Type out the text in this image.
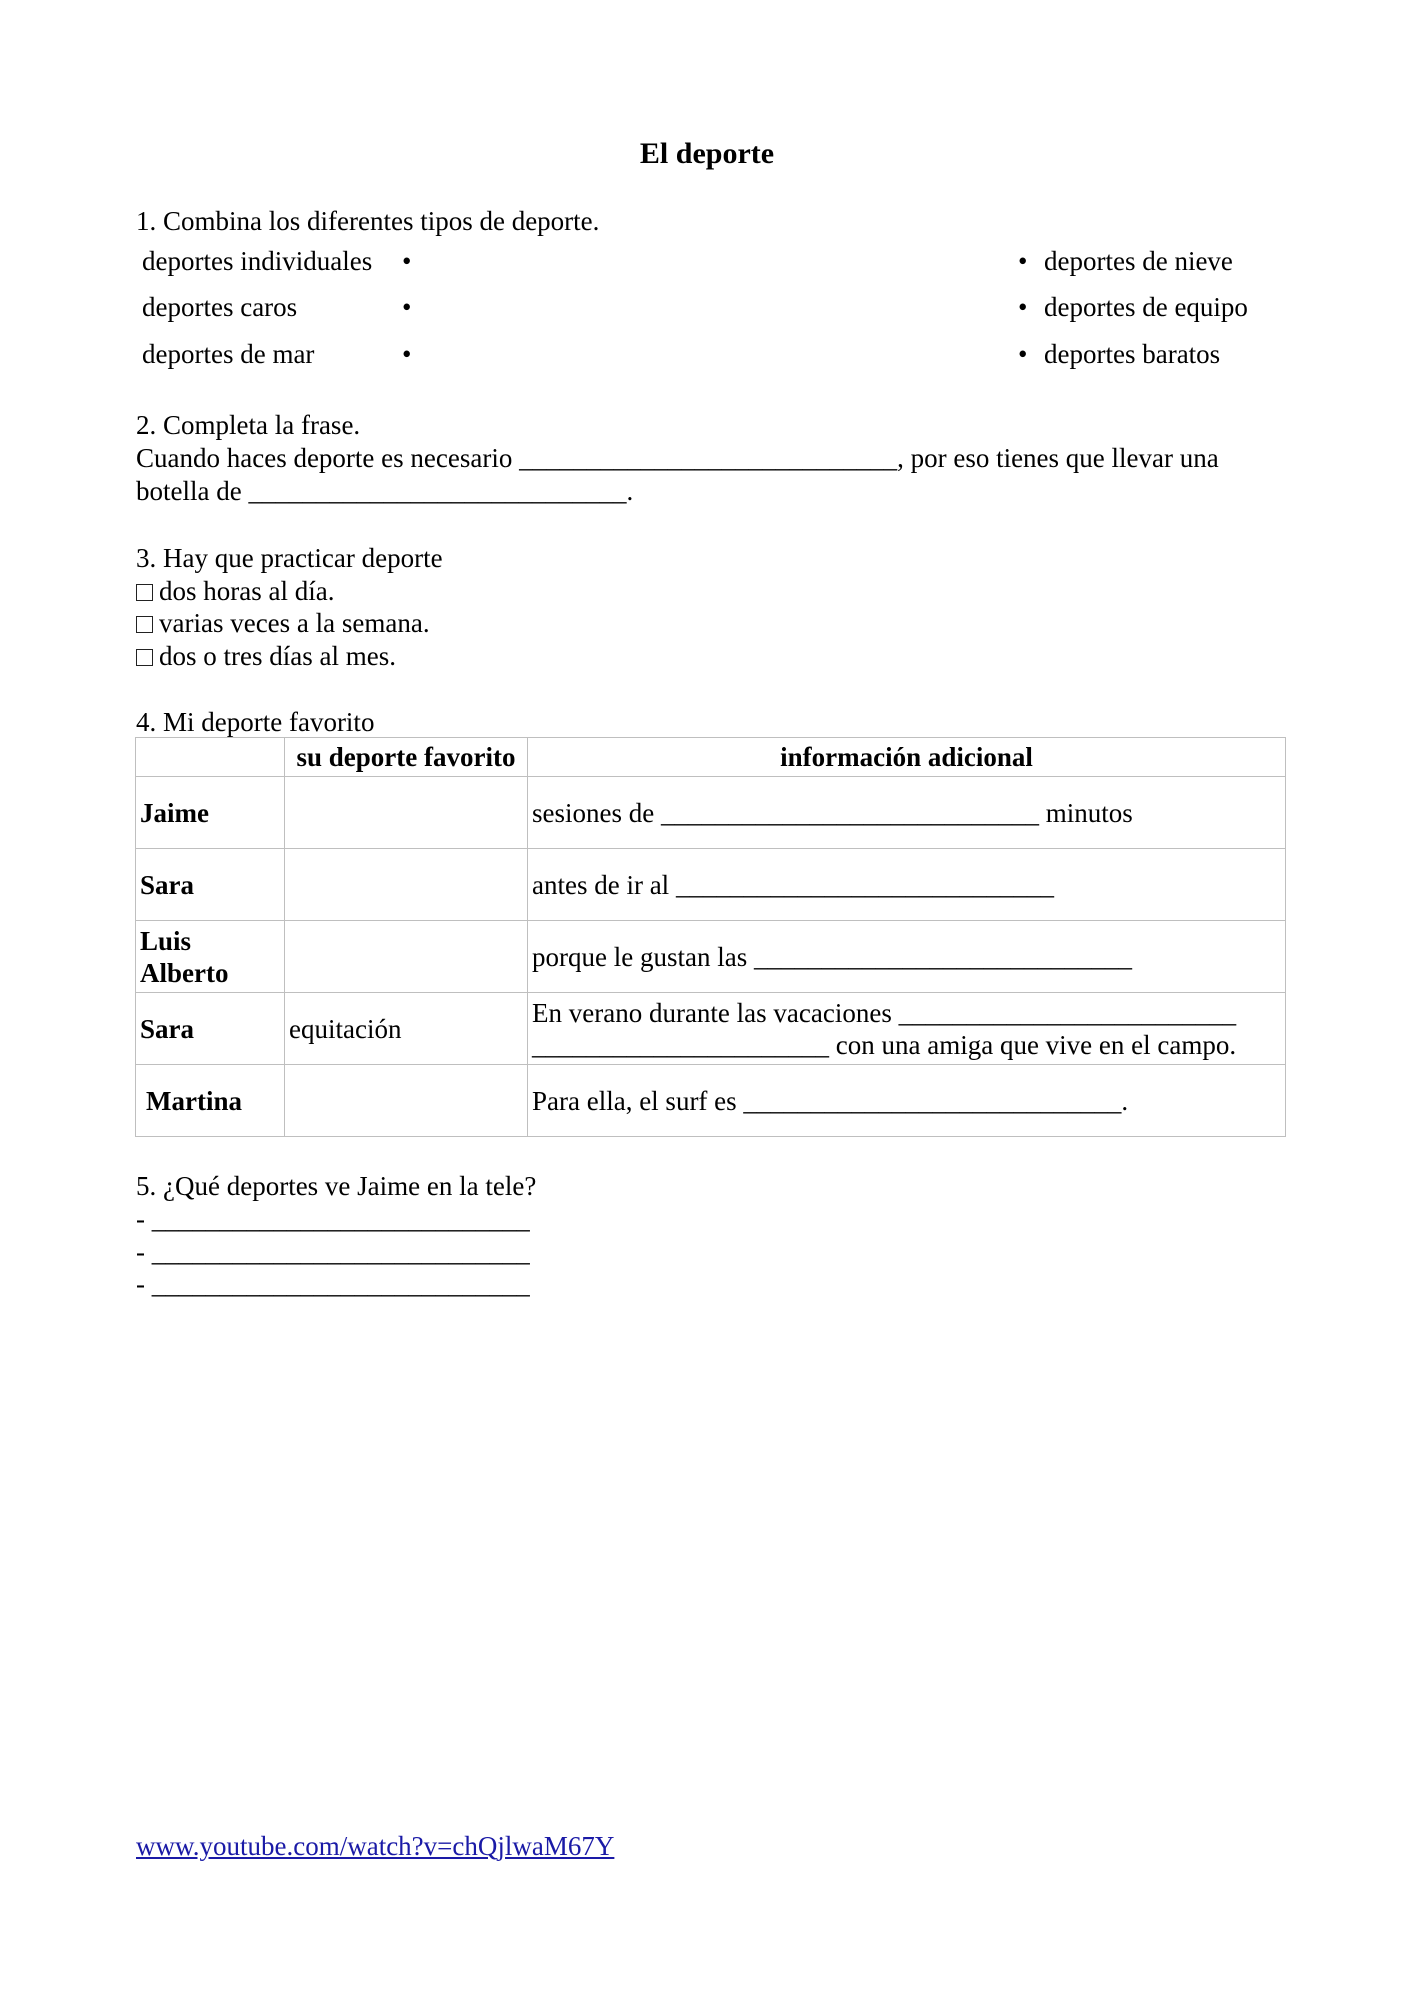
El deporte
1. Combina los diferentes tipos de deporte.
deportes individuales •	• deportes de nieve
deportes caros	•	• deportes de equipo
deportes de mar	•	• deportes baratos
2. Completa la frase.
Cuando haces deporte es necesario ____________________________, por eso tienes que llevar una
botella de ____________________________.
3. Hay que practicar deporte
dos horas al día.
varias veces a la semana.
dos o tres días al mes.
4. Mi deporte favorito
	su deporte favorito	información adicional
Jaime		sesiones de ____________________________ minutos
Sara		antes de ir al ____________________________
Luis Alberto		porque le gustan las ____________________________
Sara	equitación	En verano durante las vacaciones _________________________ ______________________ con una amiga que vive en el campo.
Martina		Para ella, el surf es ____________________________.
5. ¿Qué deportes ve Jaime en la tele?
- ____________________________
- ____________________________
- ____________________________
www.youtube.com/watch?v=chQjlwaM67Y
